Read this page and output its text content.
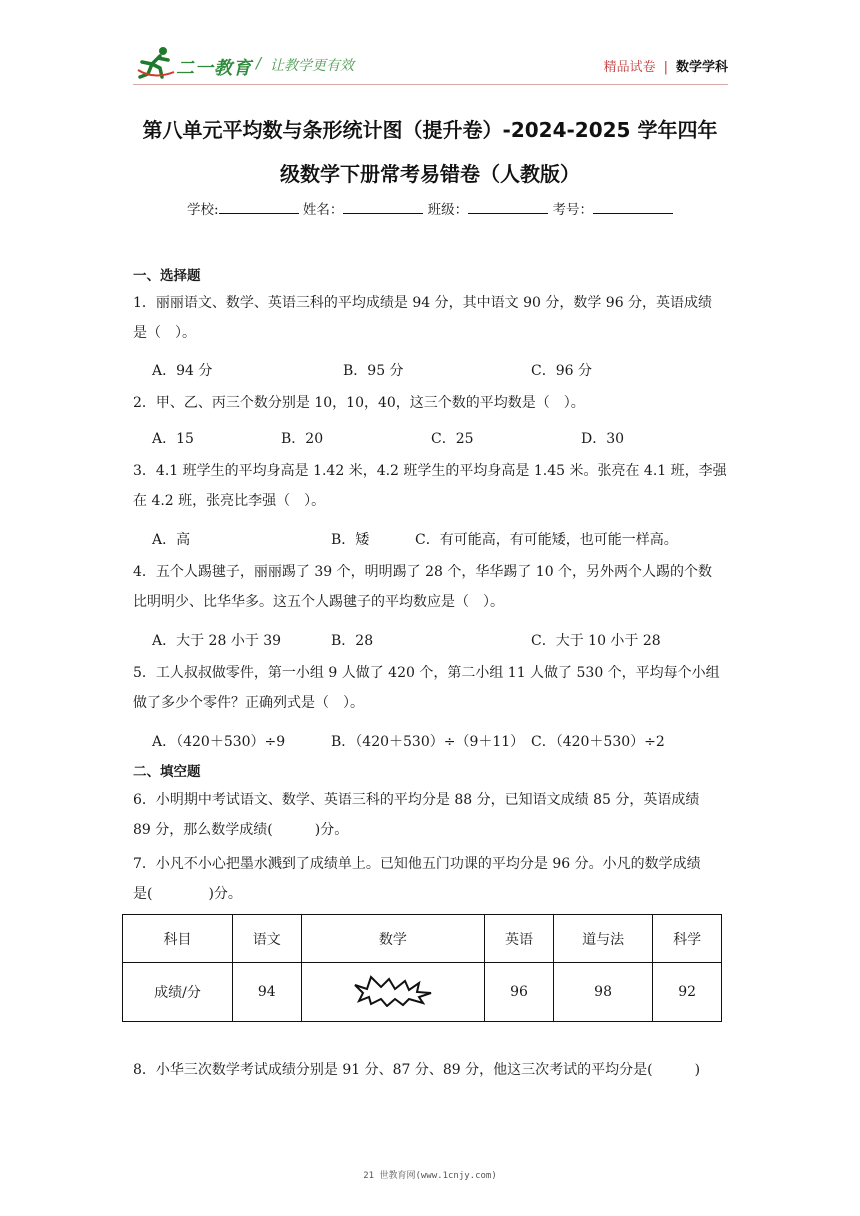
二一教育 / 让教学更有效	精品试卷 | 数学学科
第八单元平均数与条形统计图（提升卷）-2024-2025 学年四年
级数学下册常考易错卷（人教版）
学校:	姓名：	班级：	考号：
一、选择题
1．丽丽语文、数学、英语三科的平均成绩是 94 分，其中语文 90 分，数学 96 分，英语成绩
是（　）。
A．94 分	B．95 分	C．96 分
2．甲、乙、丙三个数分别是 10，10，40，这三个数的平均数是（　）。
A．15	B．20	C．25	D．30
3．4.1 班学生的平均身高是 1.42 米，4.2 班学生的平均身高是 1.45 米。张亮在 4.1 班，李强
在 4.2 班，张亮比李强（　）。
A．高	B．矮	C．有可能高，有可能矮，也可能一样高。
4．五个人踢毽子，丽丽踢了 39 个，明明踢了 28 个，华华踢了 10 个，另外两个人踢的个数
比明明少、比华华多。这五个人踢毽子的平均数应是（　）。
A．大于 28 小于 39	B．28	C．大于 10 小于 28
5．工人叔叔做零件，第一小组 9 人做了 420 个，第二小组 11 人做了 530 个，平均每个小组
做了多少个零件？正确列式是（　）。
A．（420＋530）÷9	B．（420＋530）÷（9＋11） C．（420＋530）÷2
二、填空题
6．小明期中考试语文、数学、英语三科的平均分是 88 分，已知语文成绩 85 分，英语成绩
89 分，那么数学成绩(　　　)分。
7．小凡不小心把墨水溅到了成绩单上。已知他五门功课的平均分是 96 分。小凡的数学成绩
是(　　　　)分。
科目	语文	数学	英语	道与法	科学
成绩/分	94		96	98	92
8．小华三次数学考试成绩分别是 91 分、87 分、89 分，他这三次考试的平均分是(　　　)
21 世教育网(www.1cnjy.com)
